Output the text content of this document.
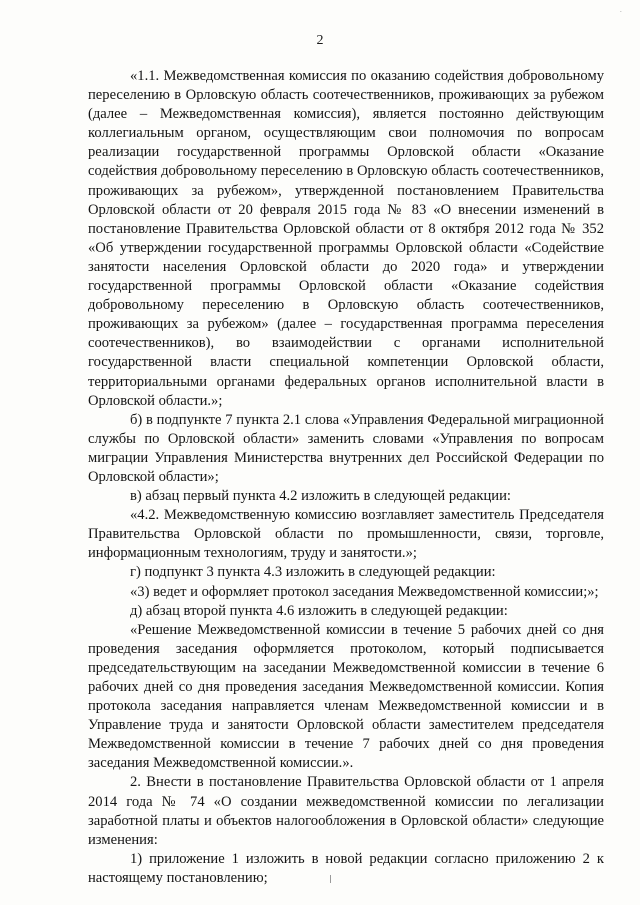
·
2

«1.1. Межведомственная комиссия по оказанию содействия добровольному переселению в Орловскую область соотечественников, проживающих за рубежом (далее – Межведомственная комиссия), является постоянно действующим коллегиальным органом, осуществляющим свои полномочия по вопросам реализации государственной программы Орловской области «Оказание содействия добровольному переселению в Орловскую область соотечественников, проживающих за рубежом», утвержденной постановлением Правительства Орловской области от 20 февраля 2015 года № 83 «О внесении изменений в постановление Правительства Орловской области от 8 октября 2012 года № 352 «Об утверждении государственной программы Орловской области «Содействие занятости населения Орловской области до 2020 года» и утверждении государственной программы Орловской области «Оказание содействия добровольному переселению в Орловскую область соотечественников, проживающих за рубежом» (далее – государственная программа переселения соотечественников), во взаимодействии с органами исполнительной государственной власти специальной компетенции Орловской области, территориальными органами федеральных органов исполнительной власти в Орловской области.»;

б) в подпункте 7 пункта 2.1 слова «Управления Федеральной миграционной службы по Орловской области» заменить словами «Управления по вопросам миграции Управления Министерства внутренних дел Российской Федерации по Орловской области»;

в) абзац первый пункта 4.2 изложить в следующей редакции:

«4.2. Межведомственную комиссию возглавляет заместитель Председателя Правительства Орловской области по промышленности, связи, торговле, информационным технологиям, труду и занятости.»;

г) подпункт 3 пункта 4.3 изложить в следующей редакции:

«3) ведет и оформляет протокол заседания Межведомственной комиссии;»;

д) абзац второй пункта 4.6 изложить в следующей редакции:

«Решение Межведомственной комиссии в течение 5 рабочих дней со дня проведения заседания оформляется протоколом, который подписывается председательствующим на заседании Межведомственной комиссии в течение 6 рабочих дней со дня проведения заседания Межведомственной комиссии. Копия протокола заседания направляется членам Межведомственной комиссии и в Управление труда и занятости Орловской области заместителем председателя Межведомственной комиссии в течение 7 рабочих дней со дня проведения заседания Межведомственной комиссии.».

2. Внести в постановление Правительства Орловской области от 1 апреля 2014 года № 74 «О создании межведомственной комиссии по легализации заработной платы и объектов налогообложения в Орловской области» следующие изменения:

1) приложение 1 изложить в новой редакции согласно приложению 2 к настоящему постановлению;
